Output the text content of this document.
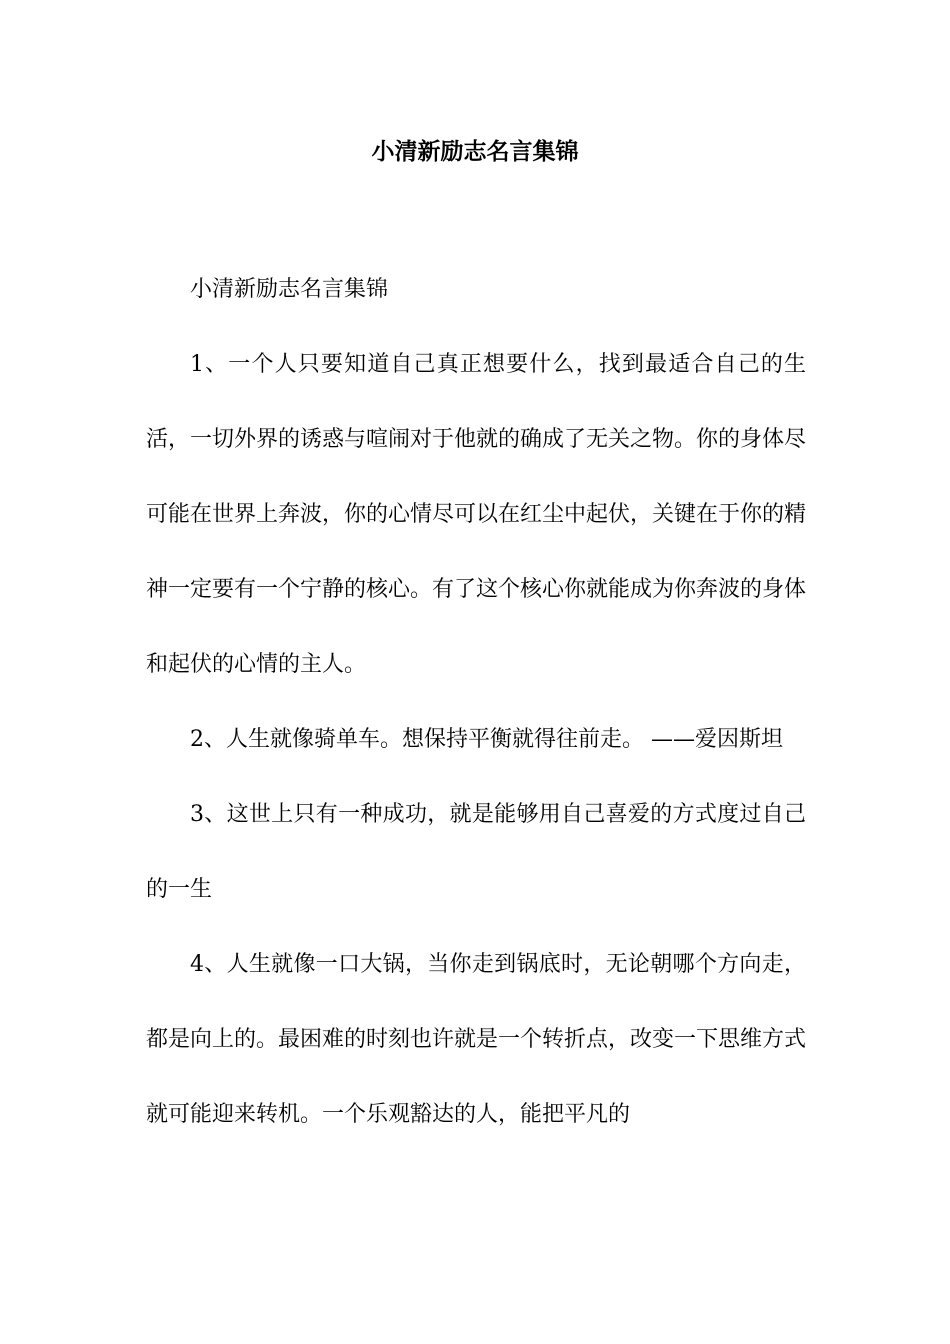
小清新励志名言集锦

小清新励志名言集锦

1、一个人只要知道自己真正想要什么，找到最适合自己的生活，一切外界的诱惑与喧闹对于他就的确成了无关之物。你的身体尽可能在世界上奔波，你的心情尽可以在红尘中起伏，关键在于你的精神一定要有一个宁静的核心。有了这个核心你就能成为你奔波的身体和起伏的心情的主人。

2、人生就像骑单车。想保持平衡就得往前走。 ——爱因斯坦

3、这世上只有一种成功，就是能够用自己喜爱的方式度过自己的一生

4、人生就像一口大锅，当你走到锅底时，无论朝哪个方向走，都是向上的。最困难的时刻也许就是一个转折点，改变一下思维方式就可能迎来转机。一个乐观豁达的人，能把平凡的
